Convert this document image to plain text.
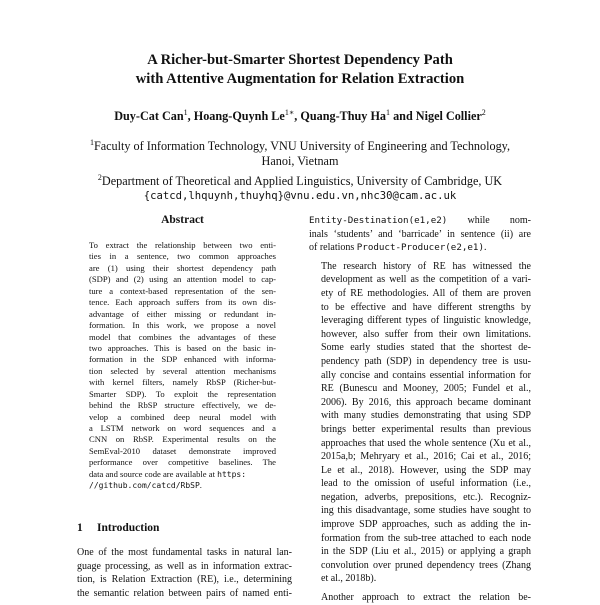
A Richer-but-Smarter Shortest Dependency Path
with Attentive Augmentation for Relation Extraction
Duy-Cat Can$^1$, Hoang-Quynh $Le^{1∗}$, Quang-Thuy Ha$^1$ and Nigel Collier$^2$
$^1$Faculty of Information Technology, VNU University of Engineering and Technology,
Hanoi, Vietnam
$^2$Department of Theoretical and Applied Linguistics, University of Cambridge, UK
{catcd,lhquynh,thuyhq}@vnu.edu.vn,nhc30@cam.ac.uk
Abstract
To extract the relationship between two enti-
ties in a sentence, two common approaches
are (1) using their shortest dependency path
(SDP) and (2) using an attention model to cap-
ture a context-based representation of the sen-
tence. Each approach suffers from its own dis-
advantage of either missing or redundant in-
formation. In this work, we propose a novel
model that combines the advantages of these
two approaches. This is based on the basic in-
formation in the SDP enhanced with informa-
tion selected by several attention mechanisms
with kernel filters, namely RbSP (Richer-but-
Smarter SDP). To exploit the representation
behind the RbSP structure effectively, we de-
velop a combined deep neural model with
a LSTM network on word sequences and a
CNN on RbSP. Experimental results on the
SemEval-2010 dataset demonstrate improved
performance over competitive baselines. The
data and source code are available at https:
//github.com/catcd/RbSP.
1 Introduction
One of the most fundamental tasks in natural lan-
guage processing, as well as in information extrac-
tion, is Relation Extraction (RE), i.e., determining
the semantic relation between pairs of named enti-

Entity-Destination(e1,e2) while nom-
inals ‘students’ and ‘barricade’ in sentence (ii) are
of relations Product-Producer(e2,e1).

The research history of RE has witnessed the
development as well as the competition of a vari-
ety of RE methodologies. All of them are proven
to be effective and have different strengths by
leveraging different types of linguistic knowledge,
however, also suffer from their own limitations.
Some early studies stated that the shortest de-
pendency path (SDP) in dependency tree is usu-
ally concise and contains essential information for
RE (Bunescu and Mooney, 2005; Fundel et al.,
2006). By 2016, this approach became dominant
with many studies demonstrating that using SDP
brings better experimental results than previous
approaches that used the whole sentence (Xu et al.,
2015a,b; Mehryary et al., 2016; Cai et al., 2016;
Le et al., 2018). However, using the SDP may
lead to the omission of useful information (i.e.,
negation, adverbs, prepositions, etc.). Recogniz-
ing this disadvantage, some studies have sought to
improve SDP approaches, such as adding the in-
formation from the sub-tree attached to each node
in the SDP (Liu et al., 2015) or applying a graph
convolution over pruned dependency trees (Zhang
et al., 2018b).

Another approach to extract the relation be-
